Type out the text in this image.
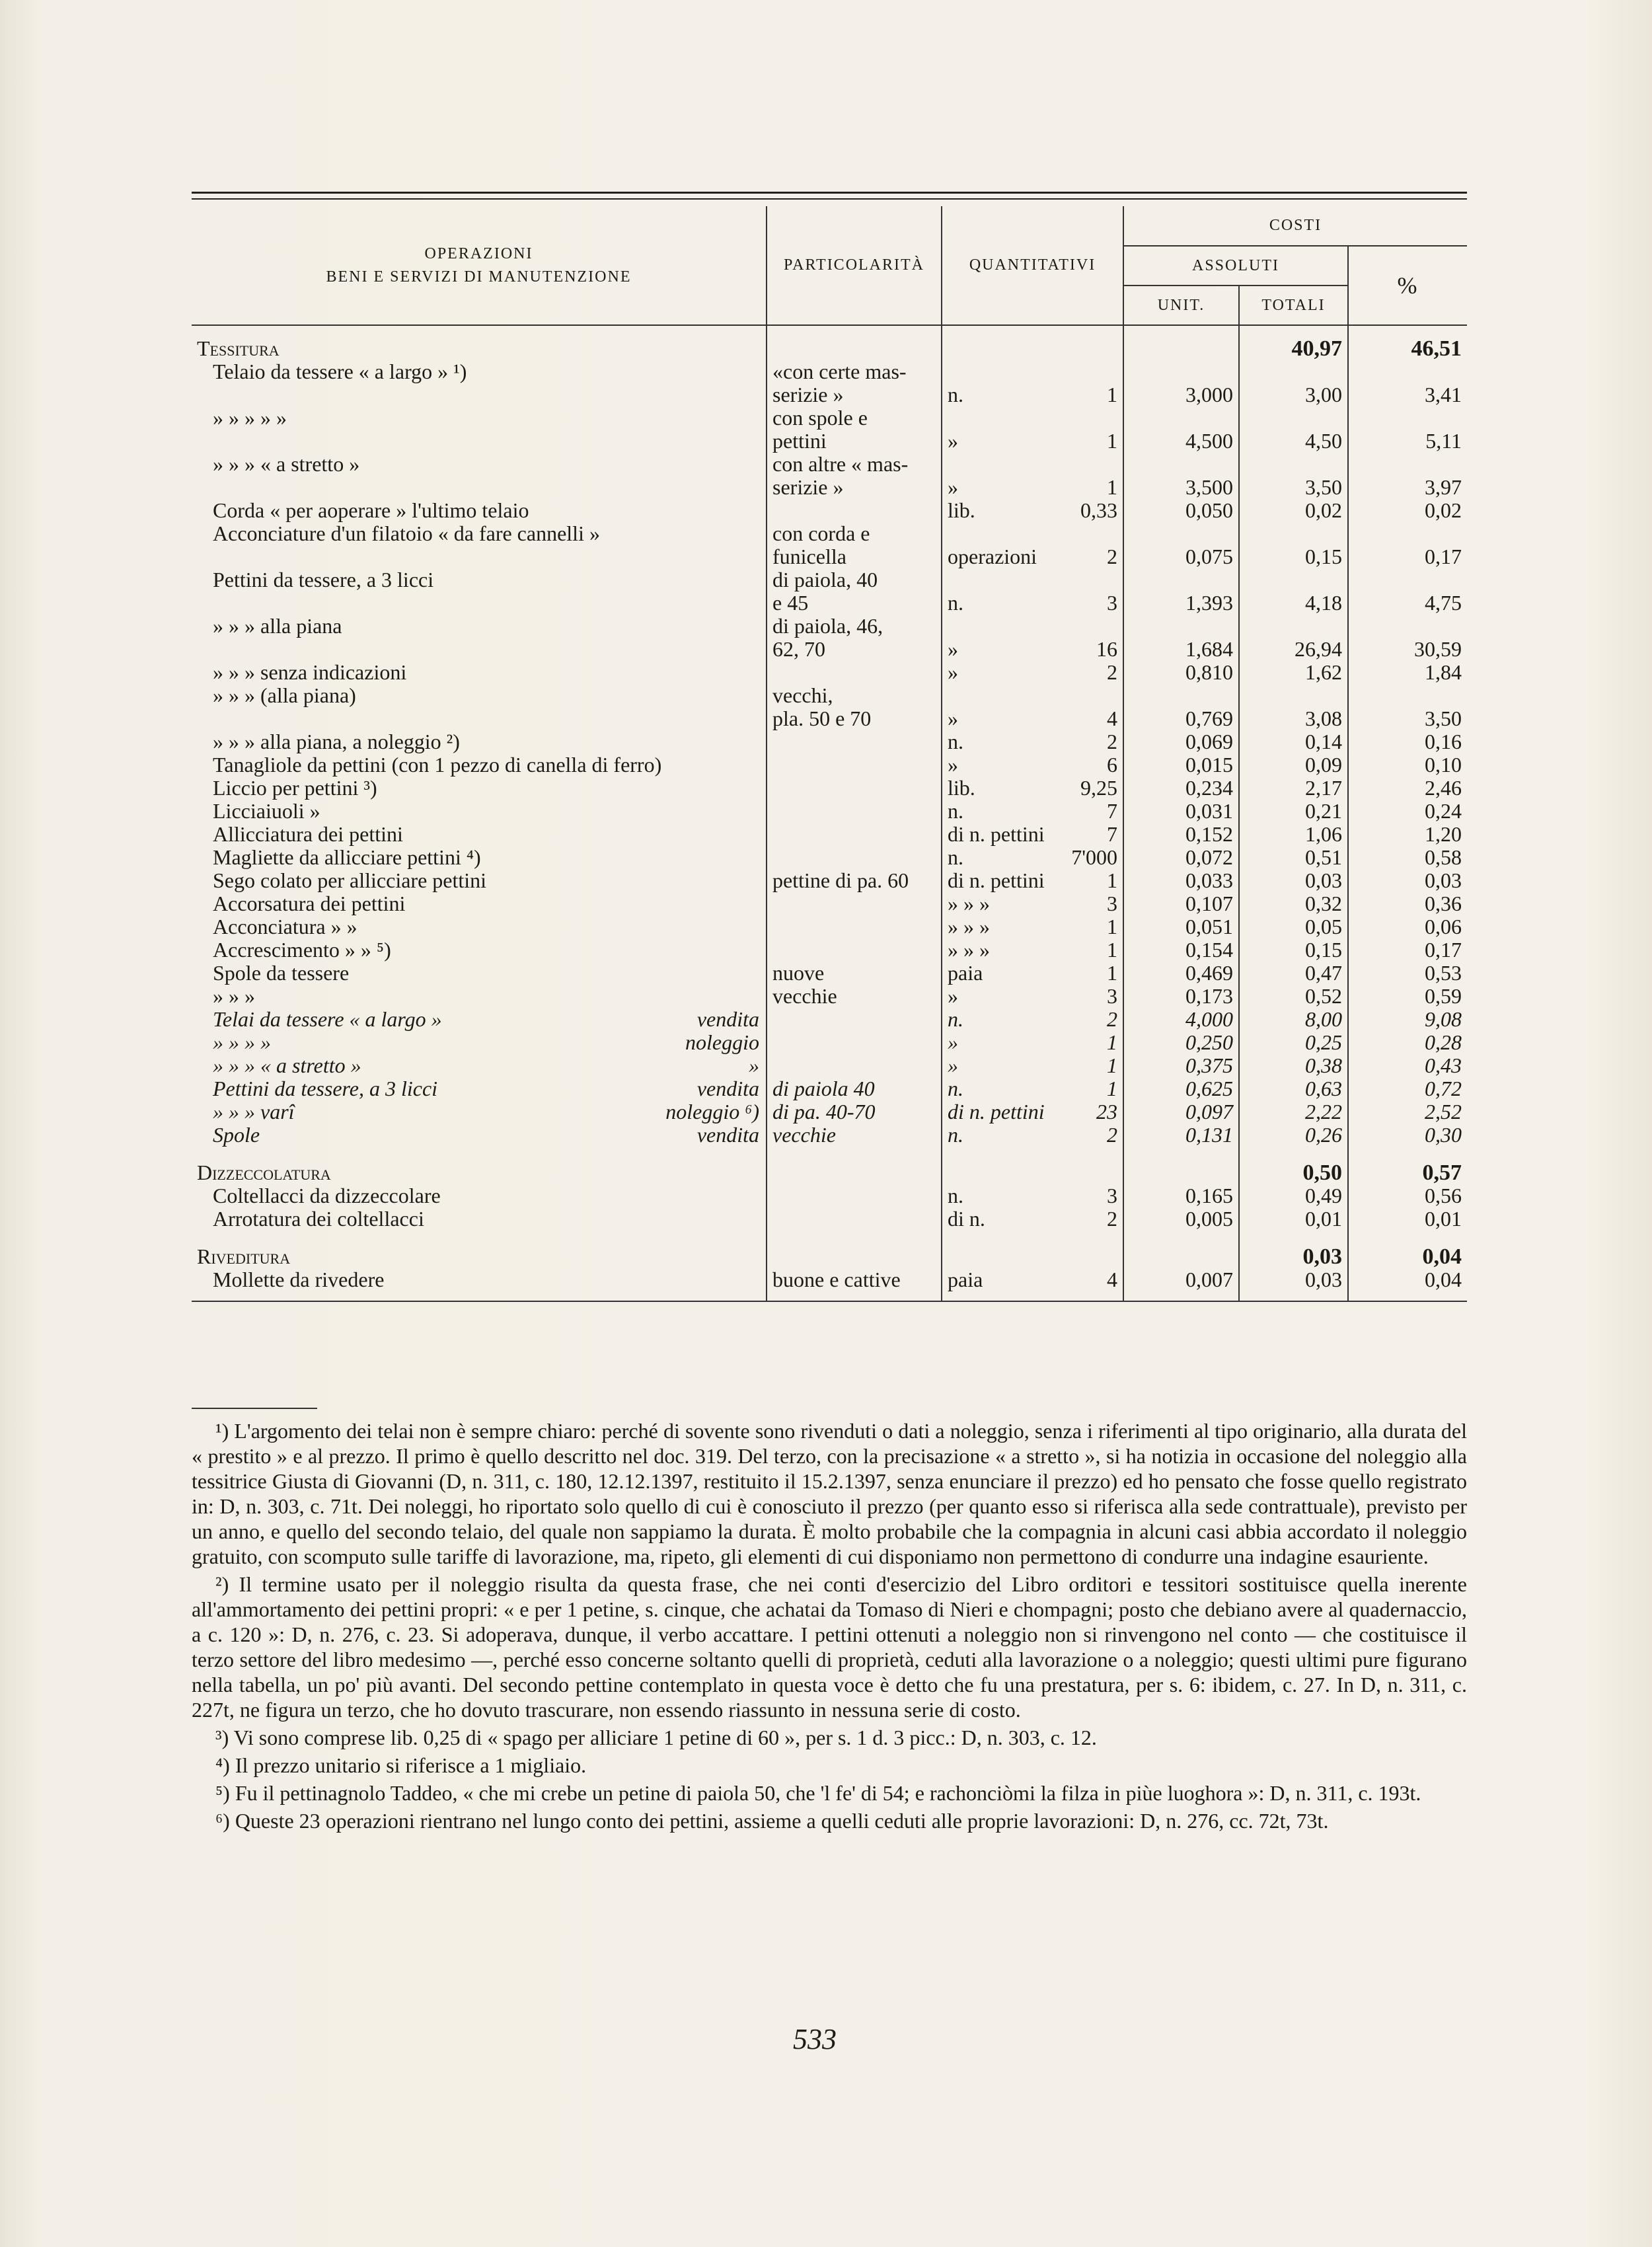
OPERAZIONI
BENI E SERVIZI DI MANUTENZIONE	PARTICOLARITÀ	QUANTITATIVI	COSTI		
			ASSOLUTI		%
			UNIT.	TOTALI	

Tessitura				40,97	46,51
Telaio da tessere « a largo » ¹)	«con certe mas-	

	serizie »	n. 1	3,000	3,00	3,41
» » » » »	con spole e	

	pettini	» 1	4,500	4,50	5,11
» » » « a stretto »	con altre « mas-	

	serizie »	» 1	3,500	3,50	3,97
Corda « per aoperare » l'ultimo telaio		lib. 0,33	0,050	0,02	0,02
Acconciature d'un filatoio « da fare cannelli »	con corda e	

	funicella	operazioni 2	0,075	0,15	0,17
Pettini da tessere, a 3 licci	di paiola, 40	

	e 45	n. 3	1,393	4,18	4,75
» » » alla piana	di paiola, 46,	

	62, 70	» 16	1,684	26,94	30,59
» » » senza indicazioni		» 2	0,810	1,62	1,84
» » » (alla piana)	vecchi,	

	pla. 50 e 70	» 4	0,769	3,08	3,50
» » » alla piana, a noleggio ²)		n. 2	0,069	0,14	0,16
Tanagliole da pettini (con 1 pezzo di canella di ferro)		» 6	0,015	0,09	0,10
Liccio per pettini ³)		lib. 9,25	0,234	2,17	2,46
Licciaiuoli »		n. 7	0,031	0,21	0,24
Allicciatura dei pettini		di n. pettini 7	0,152	1,06	1,20
Magliette da allicciare pettini ⁴)		n. 7'000	0,072	0,51	0,58
Sego colato per allicciare pettini	pettine di pa. 60	di n. pettini 1	0,033	0,03	0,03
Accorsatura dei pettini		» » » 3	0,107	0,32	0,36
Acconciatura » »		» » » 1	0,051	0,05	0,06
Accrescimento » » ⁵)		» » » 1	0,154	0,15	0,17
Spole da tessere	nuove	paia 1	0,469	0,47	0,53
» » »	vecchie	» 3	0,173	0,52	0,59
Telai da tessere « a largo » vendita		n. 2	4,000	8,00	9,08
» » » » noleggio		» 1	0,250	0,25	0,28
» » » « a stretto » »		» 1	0,375	0,38	0,43
Pettini da tessere, a 3 licci vendita	di paiola 40	n. 1	0,625	0,63	0,72
» » » varî noleggio ⁶)	di pa. 40-70	di n. pettini 23	0,097	2,22	2,52
Spole vendita	vecchie	n. 2	0,131	0,26	0,30

Dizzeccolatura				0,50	0,57
Coltellacci da dizzeccolare		n. 3	0,165	0,49	0,56
Arrotatura dei coltellacci		di n. 2	0,005	0,01	0,01

Riveditura				0,03	0,04
Mollette da rivedere	buone e cattive	paia 4	0,007	0,03	0,04

¹) L'argomento dei telai non è sempre chiaro: perché di sovente sono rivenduti o dati a noleggio, senza i riferimenti al tipo originario, alla durata del « prestito » e al prezzo. Il primo è quello descritto nel doc. 319. Del terzo, con la precisazione « a stretto », si ha notizia in occasione del noleggio alla tessitrice Giusta di Giovanni (D, n. 311, c. 180, 12.12.1397, restituito il 15.2.1397, senza enunciare il prezzo) ed ho pensato che fosse quello registrato in: D, n. 303, c. 71t. Dei noleggi, ho riportato solo quello di cui è conosciuto il prezzo (per quanto esso si riferisca alla sede contrattuale), previsto per un anno, e quello del secondo telaio, del quale non sappiamo la durata. È molto probabile che la compagnia in alcuni casi abbia accordato il noleggio gratuito, con scomputo sulle tariffe di lavorazione, ma, ripeto, gli elementi di cui disponiamo non permettono di condurre una indagine esauriente.

²) Il termine usato per il noleggio risulta da questa frase, che nei conti d'esercizio del Libro orditori e tessitori sostituisce quella inerente all'ammortamento dei pettini propri: « e per 1 petine, s. cinque, che achatai da Tomaso di Nieri e chompagni; posto che debiano avere al quadernaccio, a c. 120 »: D, n. 276, c. 23. Si adoperava, dunque, il verbo accattare. I pettini ottenuti a noleggio non si rinvengono nel conto — che costituisce il terzo settore del libro medesimo —, perché esso concerne soltanto quelli di proprietà, ceduti alla lavorazione o a noleggio; questi ultimi pure figurano nella tabella, un po' più avanti. Del secondo pettine contemplato in questa voce è detto che fu una prestatura, per s. 6: ibidem, c. 27. In D, n. 311, c. 227t, ne figura un terzo, che ho dovuto trascurare, non essendo riassunto in nessuna serie di costo.

³) Vi sono comprese lib. 0,25 di « spago per alliciare 1 petine di 60 », per s. 1 d. 3 picc.: D, n. 303, c. 12.

⁴) Il prezzo unitario si riferisce a 1 migliaio.

⁵) Fu il pettinagnolo Taddeo, « che mi crebe un petine di paiola 50, che 'l fe' di 54; e rachonciòmi la filza in piùe luoghora »: D, n. 311, c. 193t.

⁶) Queste 23 operazioni rientrano nel lungo conto dei pettini, assieme a quelli ceduti alle proprie lavorazioni: D, n. 276, cc. 72t, 73t.

533
